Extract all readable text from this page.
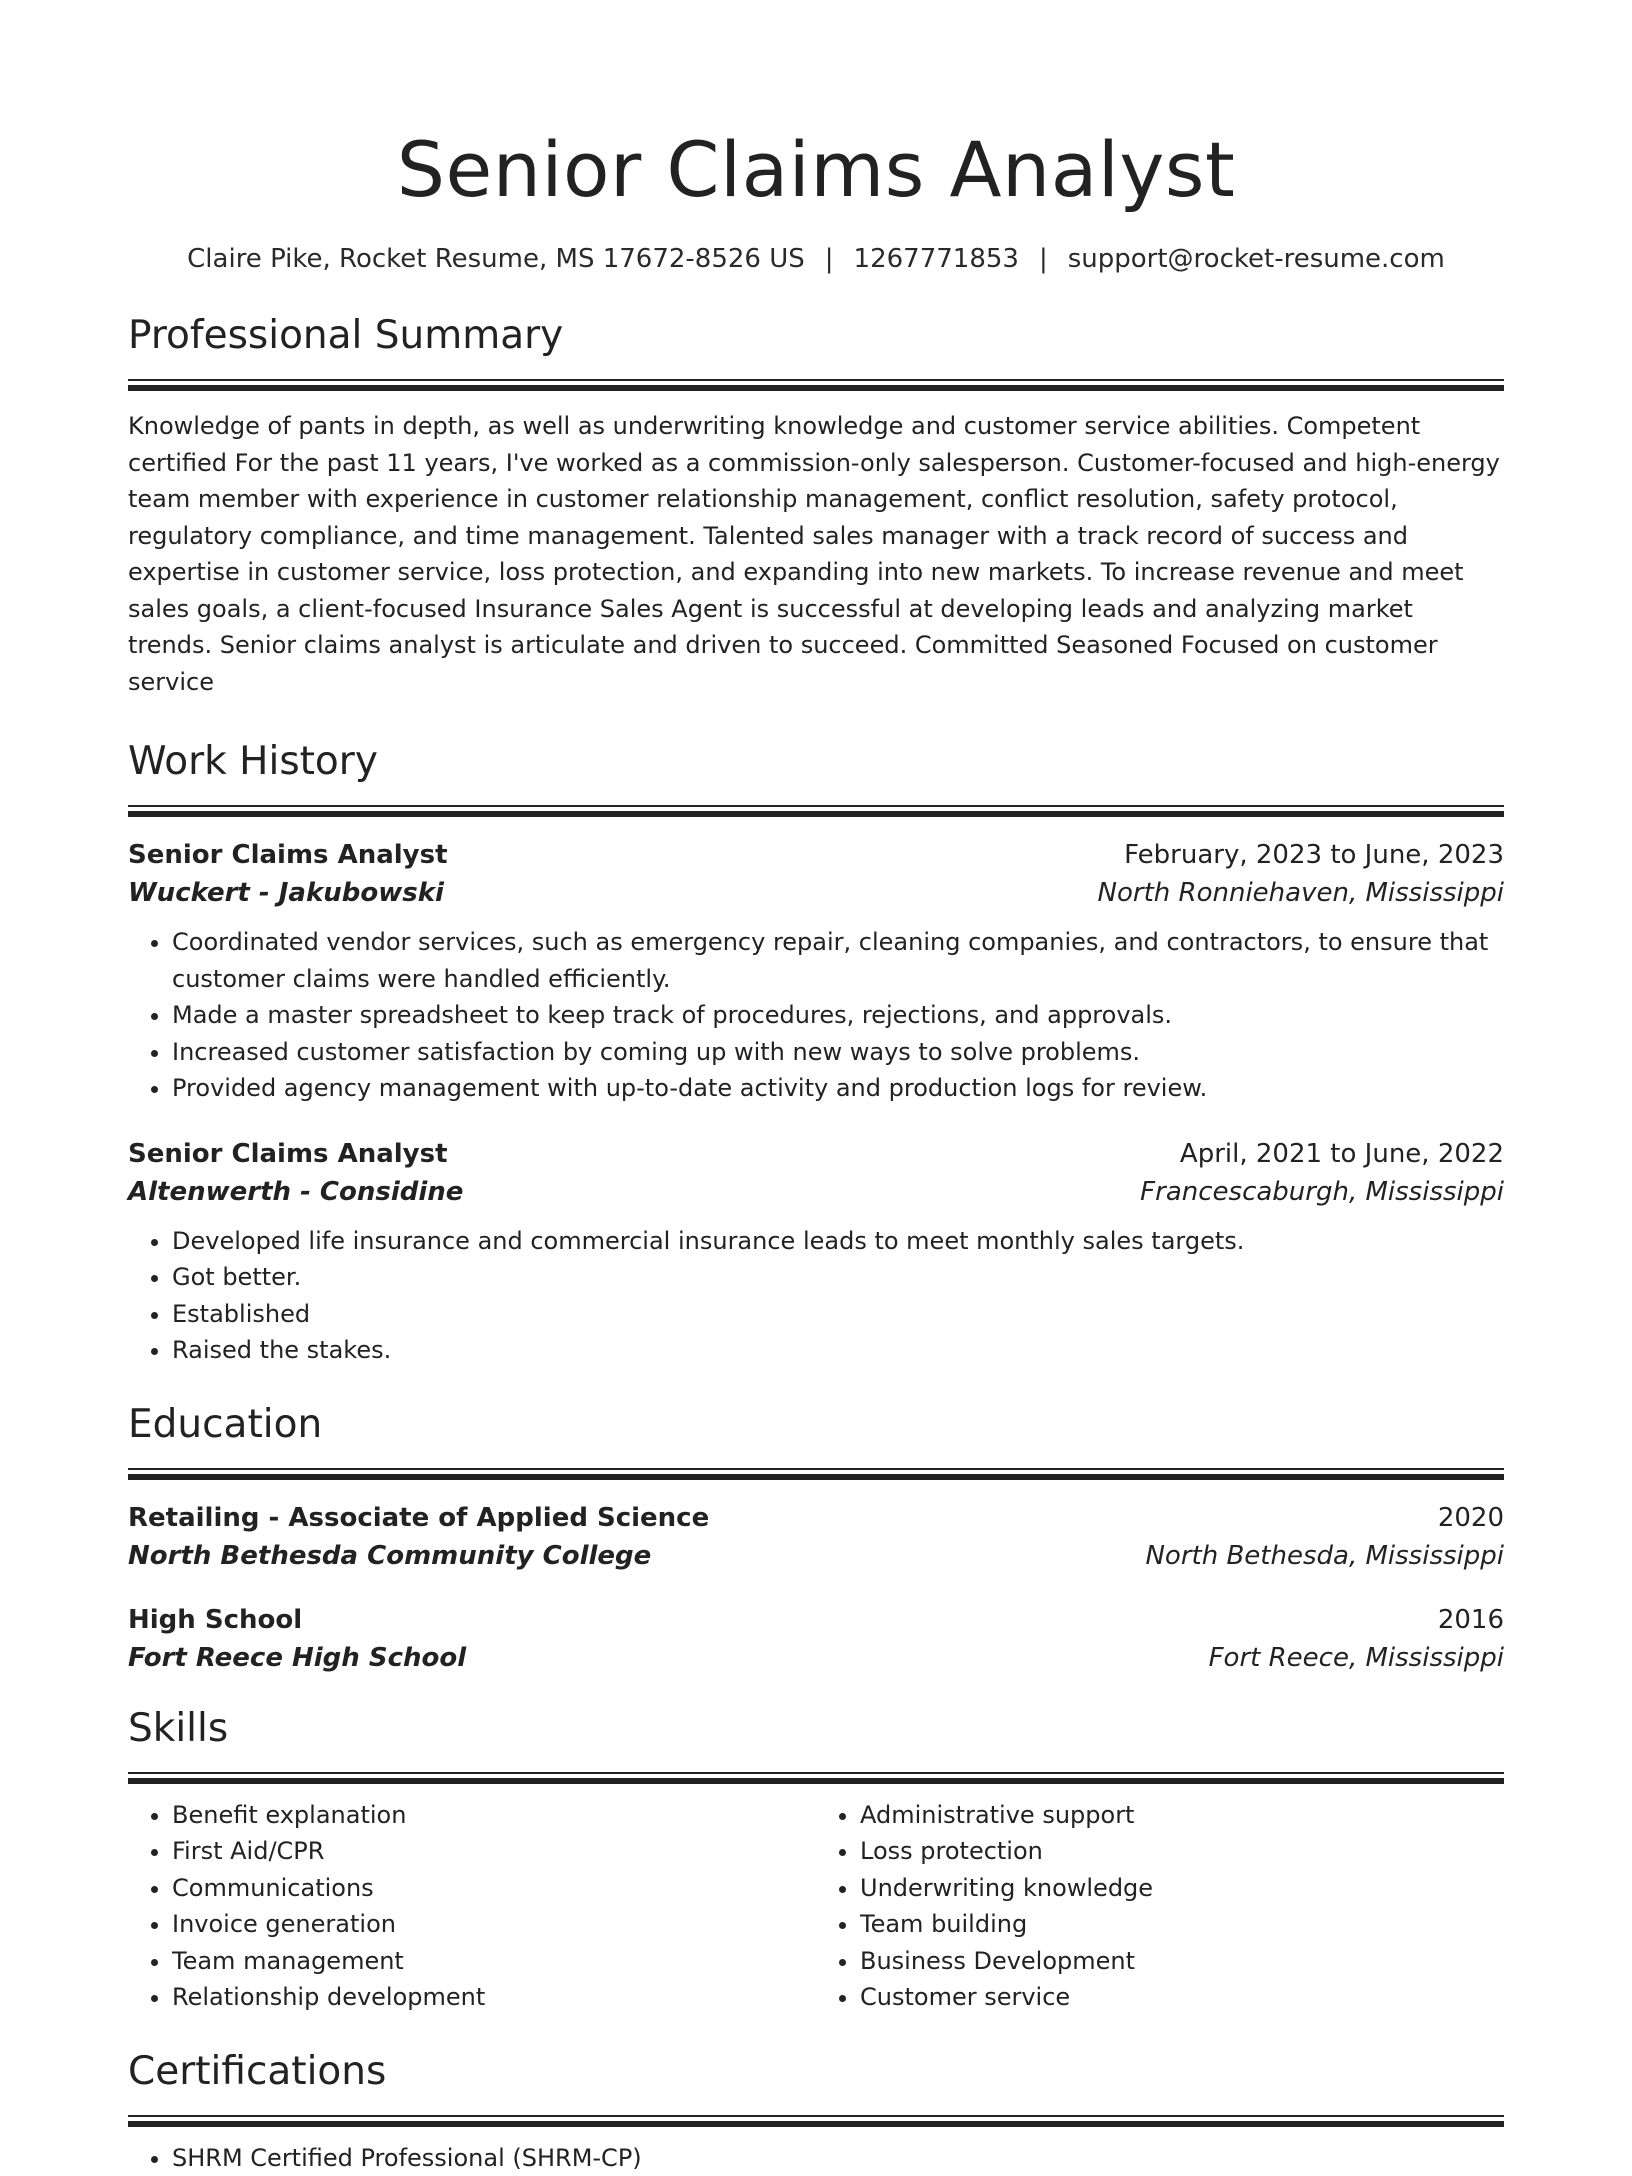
Senior Claims Analyst
Claire Pike, Rocket Resume, MS 17672-8526 US | 1267771853 | support@rocket-resume.com
Professional Summary
Knowledge of pants in depth, as well as underwriting knowledge and customer service abilities. Competent certified For the past 11 years, I've worked as a commission-only salesperson. Customer-focused and high-energy team member with experience in customer relationship management, conflict resolution, safety protocol, regulatory compliance, and time management. Talented sales manager with a track record of success and expertise in customer service, loss protection, and expanding into new markets. To increase revenue and meet sales goals, a client-focused Insurance Sales Agent is successful at developing leads and analyzing market trends. Senior claims analyst is articulate and driven to succeed. Committed Seasoned Focused on customer service
Work History
Senior Claims Analyst	February, 2023 to June, 2023
Wuckert - Jakubowski	North Ronniehaven, Mississippi
• Coordinated vendor services, such as emergency repair, cleaning companies, and contractors, to ensure that customer claims were handled efficiently.
• Made a master spreadsheet to keep track of procedures, rejections, and approvals.
• Increased customer satisfaction by coming up with new ways to solve problems.
• Provided agency management with up-to-date activity and production logs for review.
Senior Claims Analyst	April, 2021 to June, 2022
Altenwerth - Considine	Francescaburgh, Mississippi
• Developed life insurance and commercial insurance leads to meet monthly sales targets.
• Got better.
• Established
• Raised the stakes.
Education
Retailing - Associate of Applied Science	2020
North Bethesda Community College	North Bethesda, Mississippi
High School	2016
Fort Reece High School	Fort Reece, Mississippi
Skills
• Benefit explanation
• First Aid/CPR
• Communications
• Invoice generation
• Team management
• Relationship development
• Administrative support
• Loss protection
• Underwriting knowledge
• Team building
• Business Development
• Customer service
Certifications
• SHRM Certified Professional (SHRM-CP)
